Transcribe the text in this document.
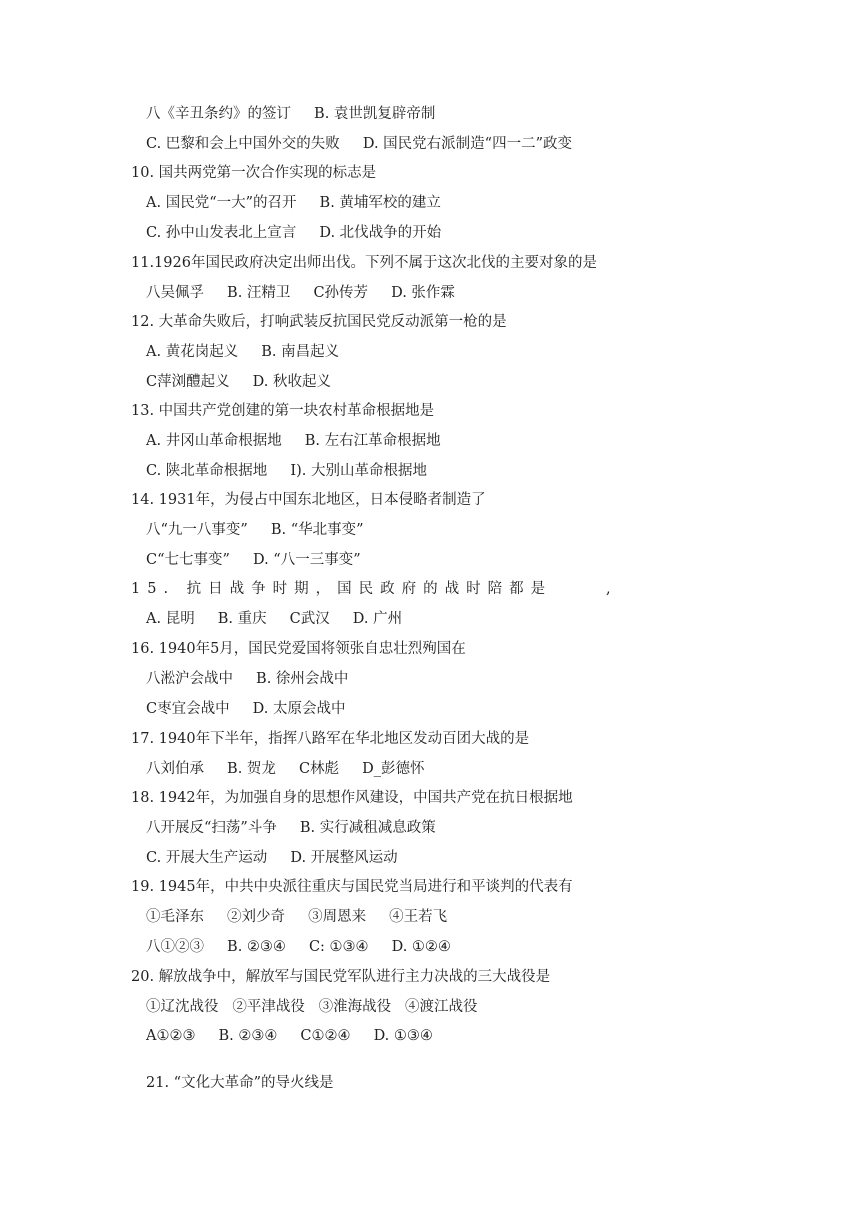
八《辛丑条约》的签订     B. 袁世凯复辟帝制
C. 巴黎和会上中国外交的失败     D. 国民党右派制造“四一二”政变
10. 国共两党第一次合作实现的标志是
A. 国民党“一大”的召开     B. 黄埔军校的建立
C. 孙中山发表北上宣言     D. 北伐战争的开始
11.1926年国民政府决定出师出伐。下列不属于这次北伐的主要对象的是
八吴佩孚     B. 汪精卫     C孙传芳     D. 张作霖
12. 大革命失败后，打响武装反抗国民党反动派第一枪的是
A. 黄花岗起义     B. 南昌起义
C萍浏醴起义     D. 秋收起义
13. 中国共产党创建的第一块农村革命根据地是
A. 井冈山革命根据地     B. 左右江革命根据地
C. 陕北革命根据地     I). 大别山革命根据地
14. 1931年，为侵占中国东北地区，日本侵略者制造了
八“九一八事变”     B. “华北事变”
C“七七事变”     D. “八一三事变”
15. 抗日战争时期，国民政府的战时陪都是	,
A. 昆明     B. 重庆     C武汉     D. 广州
16. 1940年5月，国民党爱国将领张自忠壮烈殉国在
八淞沪会战中     B. 徐州会战中
C枣宜会战中     D. 太原会战中
17. 1940年下半年，指挥八路军在华北地区发动百团大战的是
八刘伯承     B. 贺龙     C林彪     D_彭德怀
18. 1942年，为加强自身的思想作风建设，中国共产党在抗日根据地
八开展反“扫荡”斗争     B. 实行减租减息政策
C. 开展大生产运动     D. 开展整风运动
19. 1945年，中共中央派往重庆与国民党当局进行和平谈判的代表有
①毛泽东     ②刘少奇     ③周恩来     ④王若飞
八①②③     B. ②③④     C: ①③④     D. ①②④
20. 解放战争中，解放军与国民党军队进行主力决战的三大战役是
①辽沈战役   ②平津战役   ③淮海战役   ④渡江战役
A①②③     B. ②③④     C①②④     D. ①③④
21. “文化大革命”的导火线是
